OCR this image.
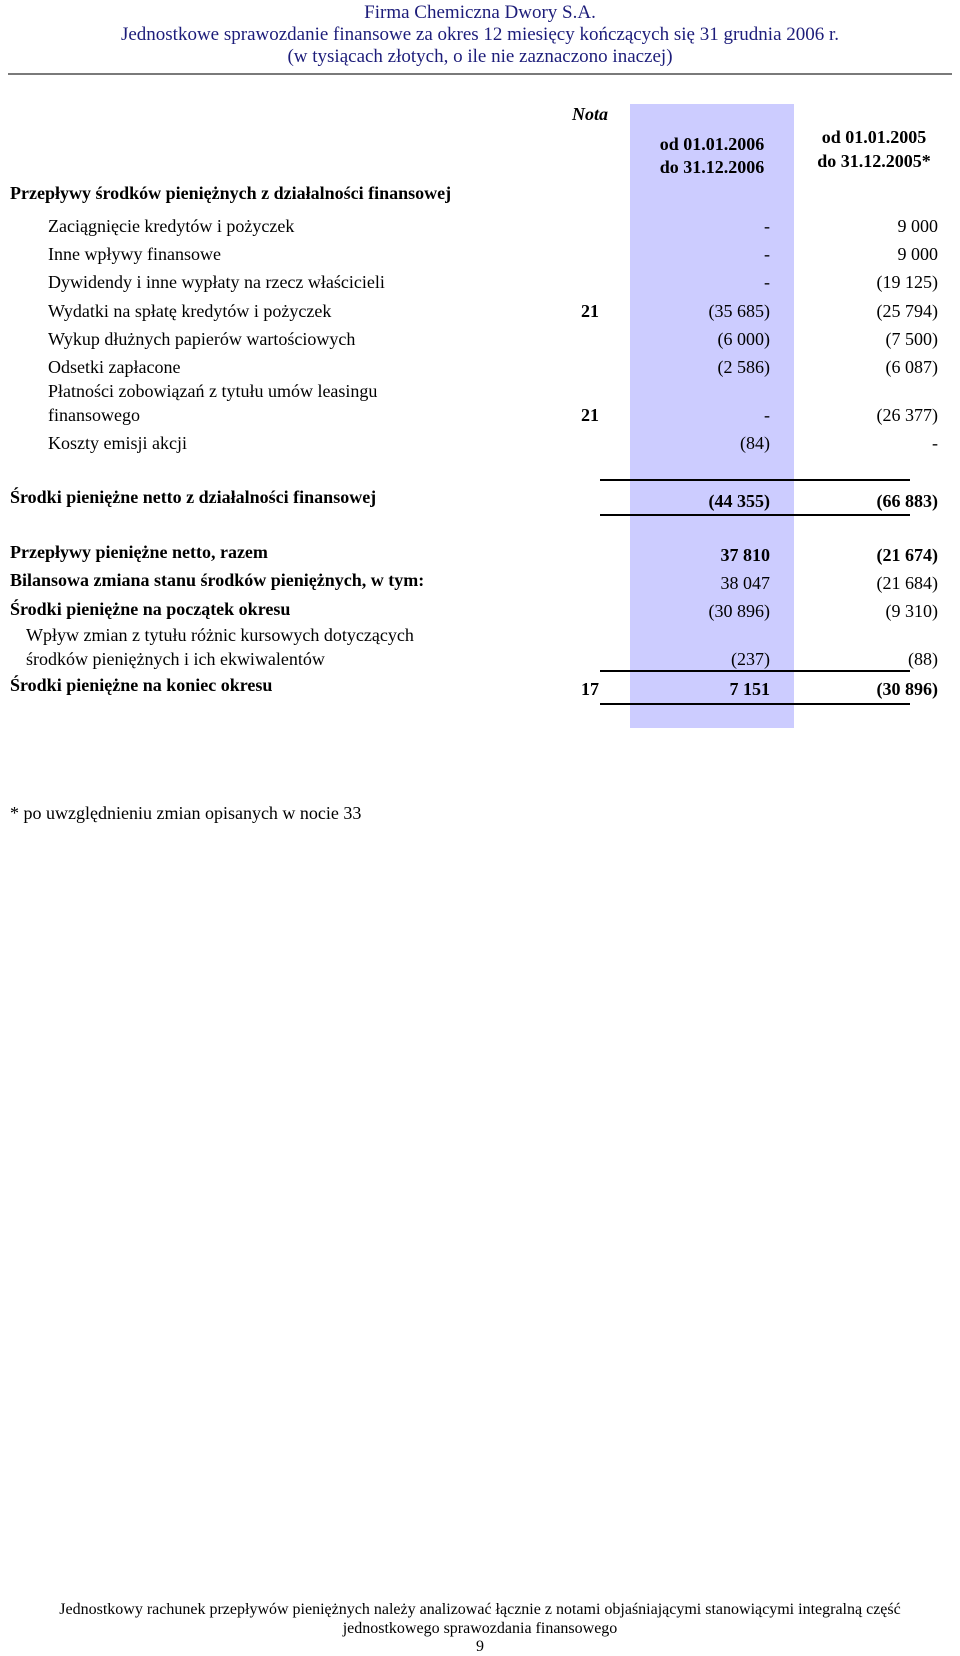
Firma Chemiczna Dwory S.A.
Jednostkowe sprawozdanie finansowe za okres 12 miesięcy kończących się 31 grudnia 2006 r.
(w tysiącach złotych, o ile nie zaznaczono inaczej)
Nota
od 01.01.2006
do 31.12.2006
od 01.01.2005
do 31.12.2005*
Przepływy środków pieniężnych z działalności finansowej
Zaciągnięcie kredytów i pożyczek	-	9 000
Inne wpływy finansowe	-	9 000
Dywidendy i inne wypłaty na rzecz właścicieli	-	(19 125)
Wydatki na spłatę kredytów i pożyczek	21	(35 685)	(25 794)
Wykup dłużnych papierów wartościowych	(6 000)	(7 500)
Odsetki zapłacone	(2 586)	(6 087)
Płatności zobowiązań z tytułu umów leasingu
finansowego	21	-	(26 377)
Koszty emisji akcji	(84)	-
Środki pieniężne netto z działalności finansowej	(44 355)	(66 883)
Przepływy pieniężne netto, razem	37 810	(21 674)
Bilansowa zmiana stanu środków pieniężnych, w tym:	38 047	(21 684)
Środki pieniężne na początek okresu	(30 896)	(9 310)
Wpływ zmian z tytułu różnic kursowych dotyczących
środków pieniężnych i ich ekwiwalentów	(237)	(88)
Środki pieniężne na koniec okresu	17	7 151	(30 896)
* po uwzględnieniu zmian opisanych w nocie 33
Jednostkowy rachunek przepływów pieniężnych należy analizować łącznie z notami objaśniającymi stanowiącymi integralną część
jednostkowego sprawozdania finansowego
9
